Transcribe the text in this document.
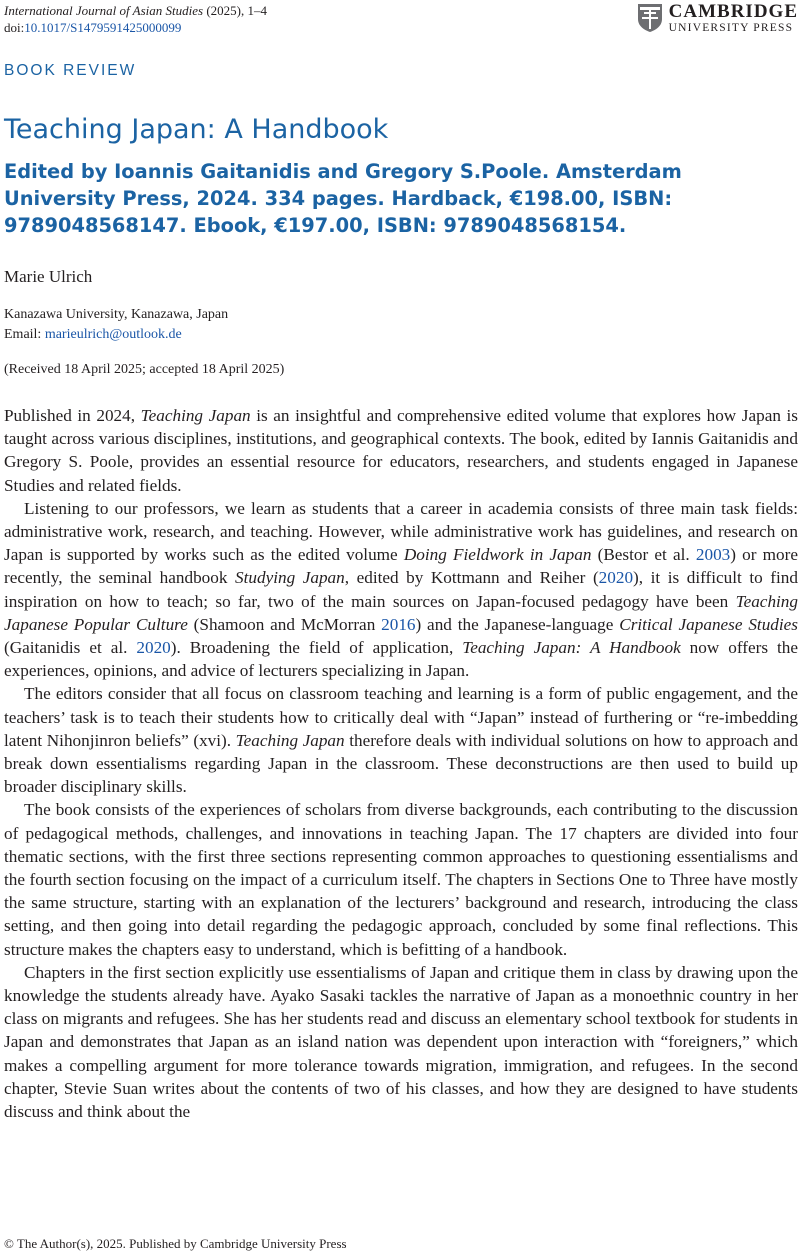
International Journal of Asian Studies (2025), 1–4
doi:10.1017/S1479591425000099
CAMBRIDGE
UNIVERSITY PRESS
BOOK REVIEW
Teaching Japan: A Handbook
Edited by Ioannis Gaitanidis and Gregory S.Poole. Amsterdam University Press, 2024. 334 pages. Hardback, €198.00, ISBN: 9789048568147. Ebook, €197.00, ISBN: 9789048568154.
Marie Ulrich
Kanazawa University, Kanazawa, Japan
Email: marieulrich@outlook.de
(Received 18 April 2025; accepted 18 April 2025)

Published in 2024, Teaching Japan is an insightful and comprehensive edited volume that explores how Japan is taught across various disciplines, institutions, and geographical contexts. The book, edited by Iannis Gaitanidis and Gregory S. Poole, provides an essential resource for educators, researchers, and students engaged in Japanese Studies and related fields.

Listening to our professors, we learn as students that a career in academia consists of three main task fields: administrative work, research, and teaching. However, while administrative work has guidelines, and research on Japan is supported by works such as the edited volume Doing Fieldwork in Japan (Bestor et al. 2003) or more recently, the seminal handbook Studying Japan, edited by Kottmann and Reiher (2020), it is difficult to find inspiration on how to teach; so far, two of the main sources on Japan-focused pedagogy have been Teaching Japanese Popular Culture (Shamoon and McMorran 2016) and the Japanese-language Critical Japanese Studies (Gaitanidis et al. 2020). Broadening the field of application, Teaching Japan: A Handbook now offers the experiences, opinions, and advice of lecturers specializing in Japan.

The editors consider that all focus on classroom teaching and learning is a form of public engagement, and the teachers’ task is to teach their students how to critically deal with “Japan” instead of furthering or “re-imbedding latent Nihonjinron beliefs” (xvi). Teaching Japan therefore deals with individual solutions on how to approach and break down essentialisms regarding Japan in the classroom. These deconstructions are then used to build up broader disciplinary skills.

The book consists of the experiences of scholars from diverse backgrounds, each contributing to the discussion of pedagogical methods, challenges, and innovations in teaching Japan. The 17 chapters are divided into four thematic sections, with the first three sections representing common approaches to questioning essentialisms and the fourth section focusing on the impact of a curriculum itself. The chapters in Sections One to Three have mostly the same structure, starting with an explanation of the lecturers’ background and research, introducing the class setting, and then going into detail regarding the pedagogic approach, concluded by some final reflections. This structure makes the chapters easy to understand, which is befitting of a handbook.

Chapters in the first section explicitly use essentialisms of Japan and critique them in class by drawing upon the knowledge the students already have. Ayako Sasaki tackles the narrative of Japan as a monoethnic country in her class on migrants and refugees. She has her students read and discuss an elementary school textbook for students in Japan and demonstrates that Japan as an island nation was dependent upon interaction with “foreigners,” which makes a compelling argument for more tolerance towards migration, immigration, and refugees. In the second chapter, Stevie Suan writes about the contents of two of his classes, and how they are designed to have students discuss and think about the

© The Author(s), 2025. Published by Cambridge University Press
